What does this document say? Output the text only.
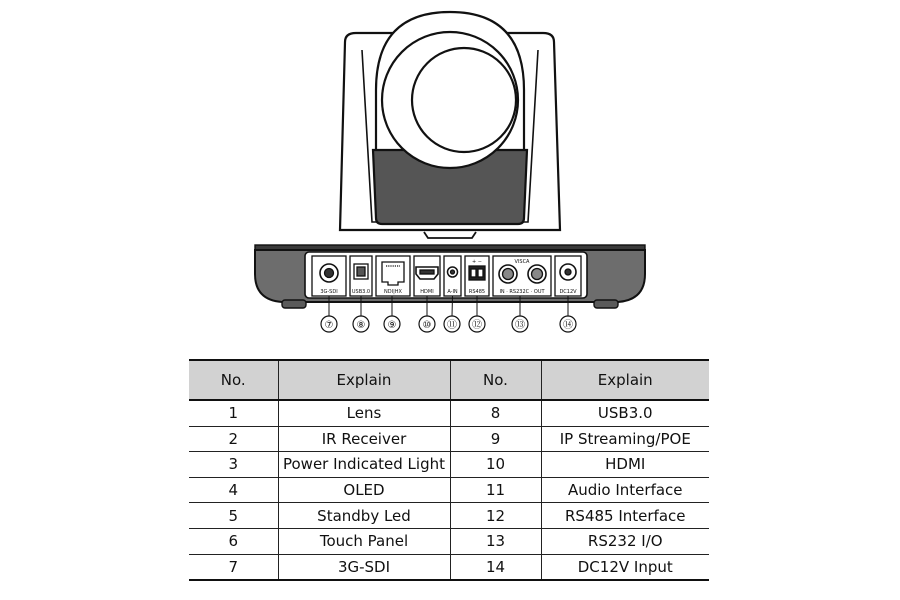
3G-SDI	USB3.0	NDI|HX	HDMI	A-IN RS485
+ −	VISCA
IN · RS232C · OUT	DC12V
⑦ ⑧ ⑨	⑩ ⑪ ⑫	⑬	⑭
No.	Explain	No.	Explain
1	Lens	8	USB3.0
2	IR Receiver	9	IP Streaming/POE
3	Power Indicated Light	10	HDMI
4	OLED	11	Audio Interface
5	Standby Led	12	RS485 Interface
6	Touch Panel	13	RS232 I/O
7	3G-SDI	14	DC12V Input
